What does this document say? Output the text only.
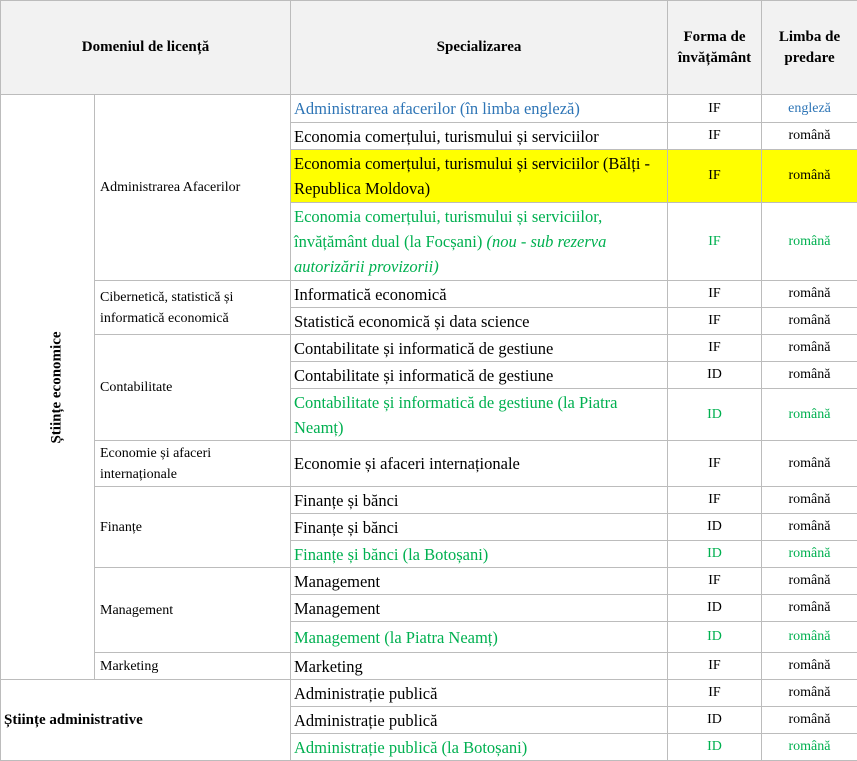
Domeniul de licență		Specializarea	Forma de învățământ	Limba de predare
Științe economice	Administrarea Afacerilor	Administrarea afacerilor (în limba engleză)	IF	engleză
		Economia comerțului, turismului și serviciilor	IF	română
		Economia comerțului, turismului și serviciilor (Bălți - Republica Moldova)	IF	română
		Economia comerțului, turismului și serviciilor, învățământ dual (la Focșani) (nou - sub rezerva autorizării provizorii)	IF	română
	Cibernetică, statistică și informatică economică	Informatică economică	IF	română
		Statistică economică și data science	IF	română
	Contabilitate	Contabilitate și informatică de gestiune	IF	română
		Contabilitate și informatică de gestiune	ID	română
		Contabilitate și informatică de gestiune (la Piatra Neamț)	ID	română
	Economie și afaceri internaționale	Economie și afaceri internaționale	IF	română
	Finanțe	Finanțe și bănci	IF	română
		Finanțe și bănci	ID	română
		Finanțe și bănci (la Botoșani)	ID	română
	Management	Management	IF	română
		Management	ID	română
		Management (la Piatra Neamț)	ID	română
	Marketing	Marketing	IF	română
Științe administrative		Administrație publică	IF	română
		Administrație publică	ID	română
		Administrație publică (la Botoșani)	ID	română
